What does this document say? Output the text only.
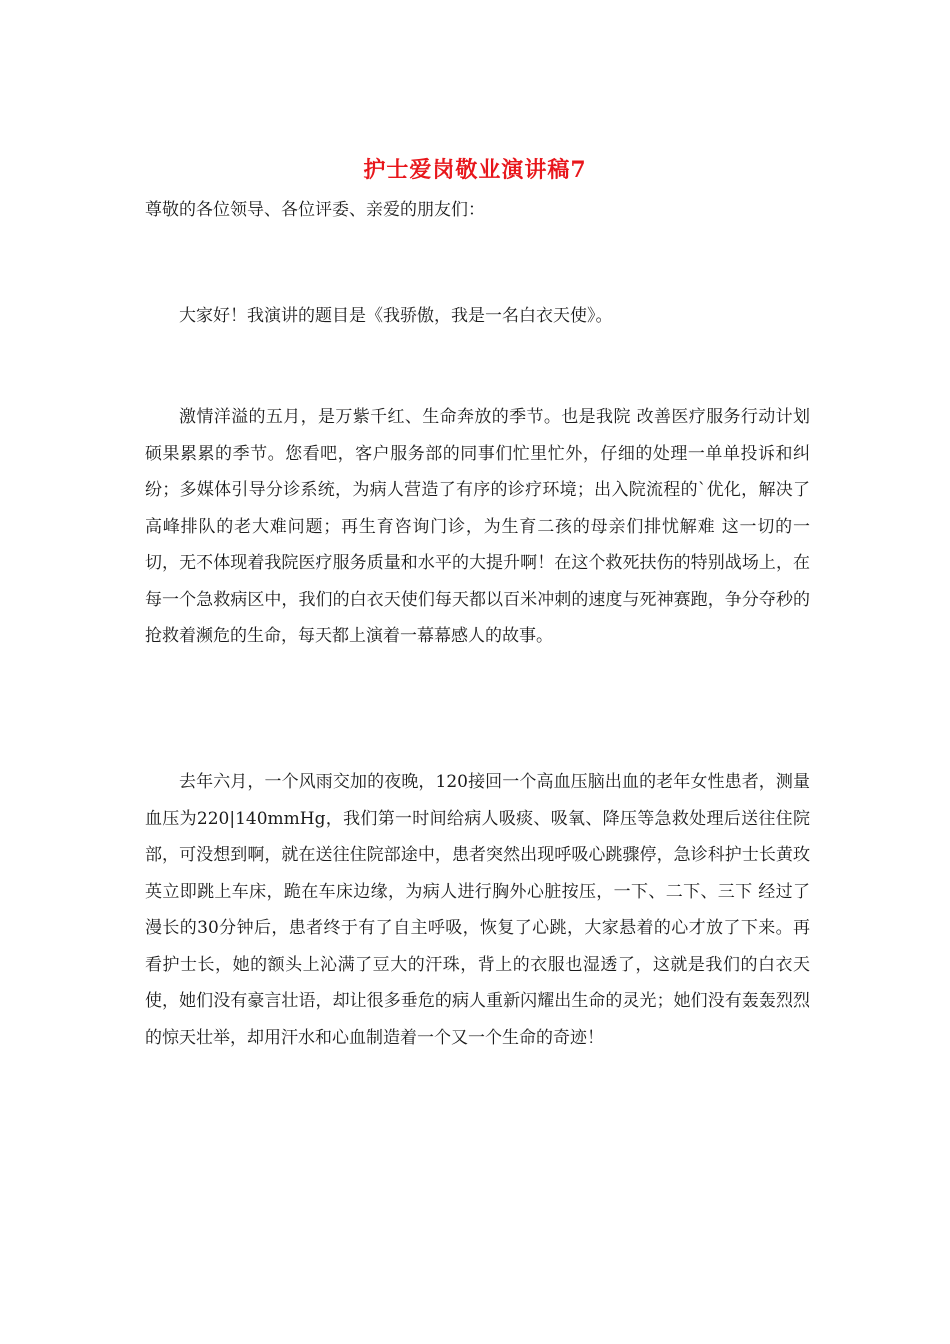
护士爱岗敬业演讲稿7
尊敬的各位领导、各位评委、亲爱的朋友们：
大家好！我演讲的题目是《我骄傲，我是一名白衣天使》。
激情洋溢的五月，是万紫千红、生命奔放的季节。也是我院 改善医疗服务行动计划 硕果累累的季节。您看吧，客户服务部的同事们忙里忙外，仔细的处理一单单投诉和纠纷；多媒体引导分诊系统，为病人营造了有序的诊疗环境；出入院流程的`优化，解决了高峰排队的老大难问题；再生育咨询门诊，为生育二孩的母亲们排忧解难 这一切的一切，无不体现着我院医疗服务质量和水平的大提升啊！在这个救死扶伤的特别战场上，在每一个急救病区中，我们的白衣天使们每天都以百米冲刺的速度与死神赛跑，争分夺秒的抢救着濒危的生命，每天都上演着一幕幕感人的故事。
去年六月，一个风雨交加的夜晚，120接回一个高血压脑出血的老年女性患者，测量血压为220|140mmHg，我们第一时间给病人吸痰、吸氧、降压等急救处理后送往住院部，可没想到啊，就在送往住院部途中，患者突然出现呼吸心跳骤停，急诊科护士长黄玫英立即跳上车床，跪在车床边缘，为病人进行胸外心脏按压，一下、二下、三下 经过了漫长的30分钟后，患者终于有了自主呼吸，恢复了心跳，大家悬着的心才放了下来。再看护士长，她的额头上沁满了豆大的汗珠，背上的衣服也湿透了，这就是我们的白衣天使，她们没有豪言壮语，却让很多垂危的病人重新闪耀出生命的灵光；她们没有轰轰烈烈的惊天壮举，却用汗水和心血制造着一个又一个生命的奇迹！
